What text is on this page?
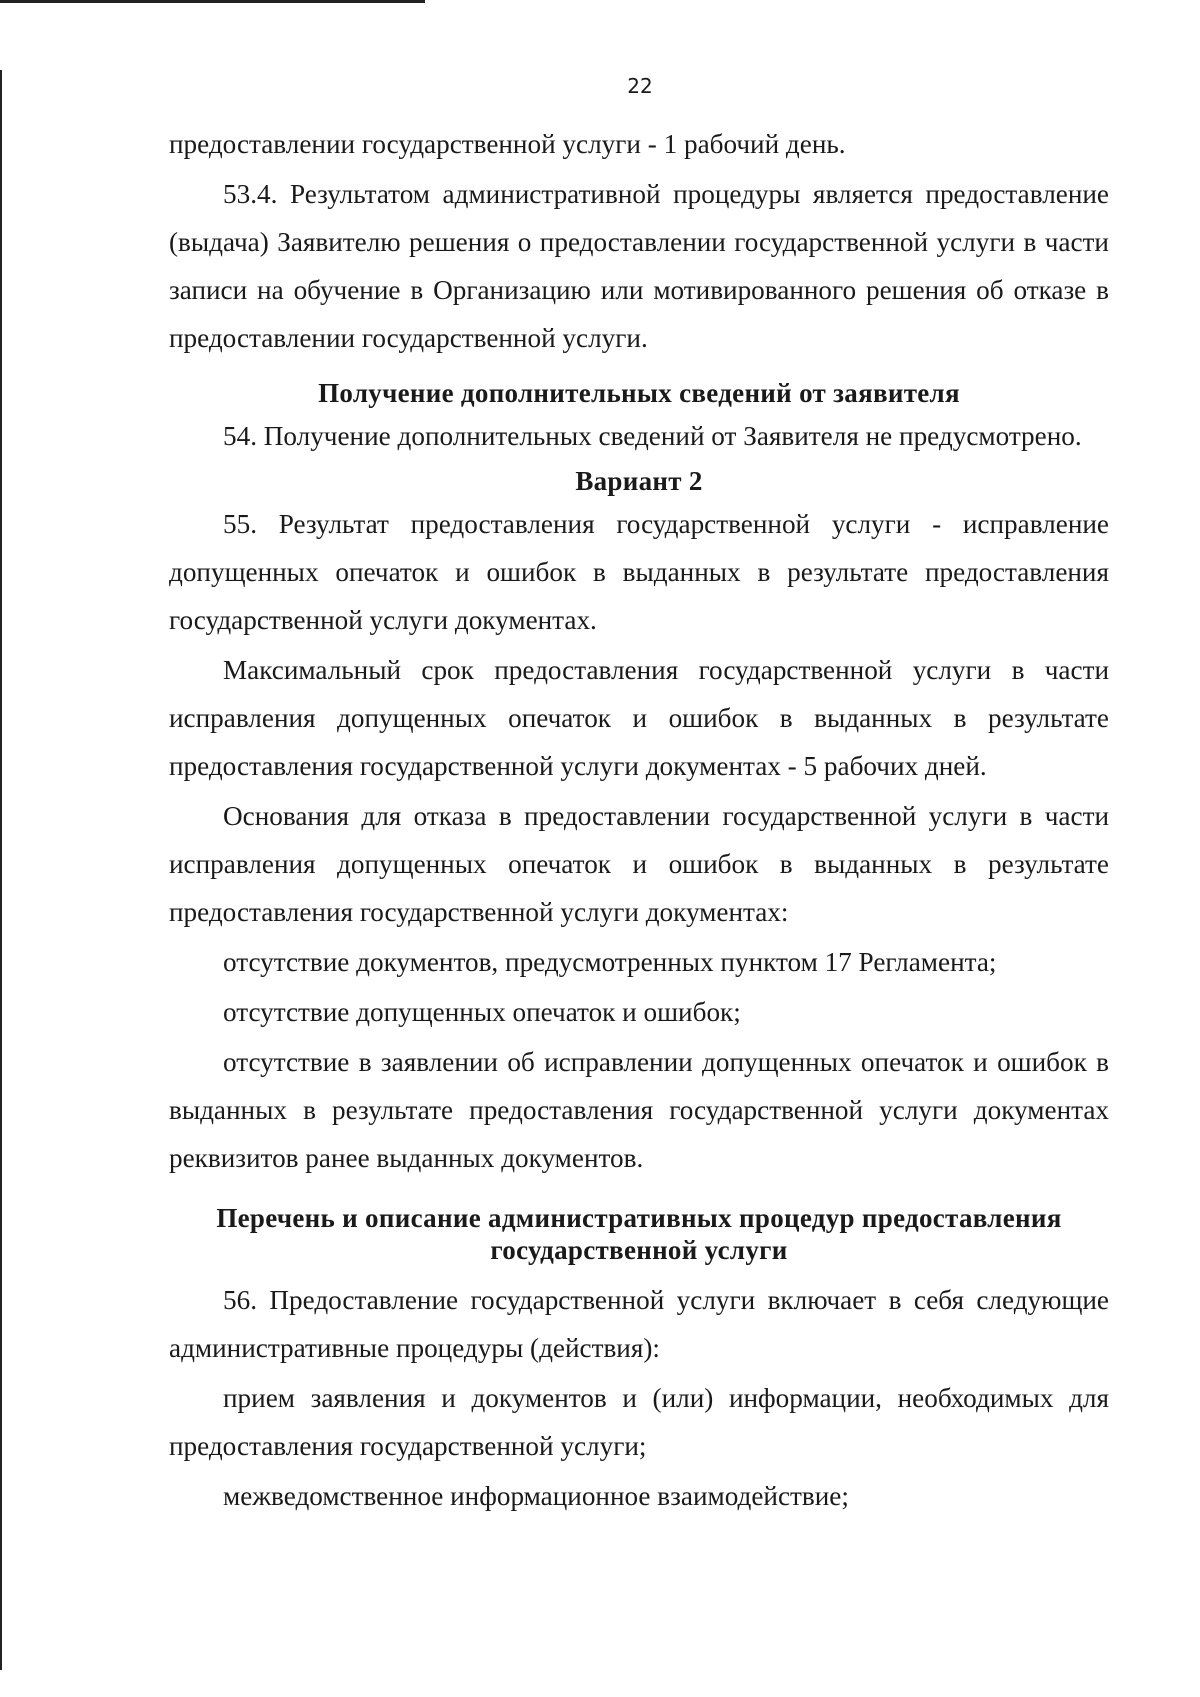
22

предоставлении государственной услуги - 1 рабочий день.

53.4. Результатом административной процедуры является предоставление (выдача) Заявителю решения о предоставлении государственной услуги в части записи на обучение в Организацию или мотивированного решения об отказе в предоставлении государственной услуги.

Получение дополнительных сведений от заявителя

54. Получение дополнительных сведений от Заявителя не предусмотрено.

Вариант 2

55. Результат предоставления государственной услуги - исправление допущенных опечаток и ошибок в выданных в результате предоставления государственной услуги документах.

Максимальный срок предоставления государственной услуги в части исправления допущенных опечаток и ошибок в выданных в результате предоставления государственной услуги документах - 5 рабочих дней.

Основания для отказа в предоставлении государственной услуги в части исправления допущенных опечаток и ошибок в выданных в результате предоставления государственной услуги документах:

отсутствие документов, предусмотренных пунктом 17 Регламента;

отсутствие допущенных опечаток и ошибок;

отсутствие в заявлении об исправлении допущенных опечаток и ошибок в выданных в результате предоставления государственной услуги документах реквизитов ранее выданных документов.

Перечень и описание административных процедур предоставления
государственной услуги

56. Предоставление государственной услуги включает в себя следующие административные процедуры (действия):

прием заявления и документов и (или) информации, необходимых для предоставления государственной услуги;

межведомственное информационное взаимодействие;
